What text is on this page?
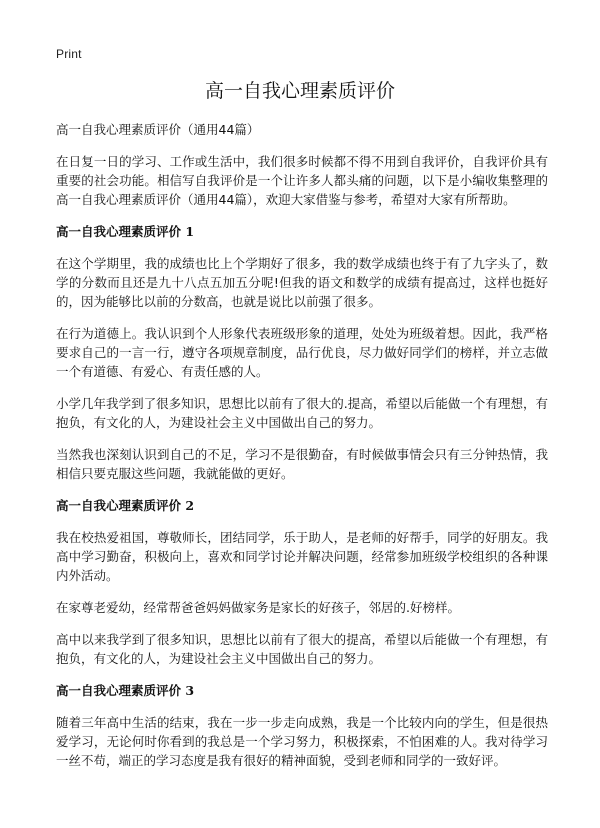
Print
高一自我心理素质评价
高一自我心理素质评价（通用44篇）

在日复一日的学习、工作或生活中，我们很多时候都不得不用到自我评价，自我评价具有重要的社会功能。相信写自我评价是一个让许多人都头痛的问题，以下是小编收集整理的高一自我心理素质评价（通用44篇），欢迎大家借鉴与参考，希望对大家有所帮助。

高一自我心理素质评价 1

在这个学期里，我的成绩也比上个学期好了很多，我的数学成绩也终于有了九字头了，数学的分数而且还是九十八点五加五分呢!但我的语文和数学的成绩有提高过，这样也挺好的，因为能够比以前的分数高，也就是说比以前强了很多。

在行为道德上。我认识到个人形象代表班级形象的道理，处处为班级着想。因此，我严格要求自己的一言一行，遵守各项规章制度，品行优良，尽力做好同学们的榜样，并立志做一个有道德、有爱心、有责任感的人。

小学几年我学到了很多知识，思想比以前有了很大的.提高，希望以后能做一个有理想，有抱负，有文化的人，为建设社会主义中国做出自己的努力。

当然我也深刻认识到自己的不足，学习不是很勤奋，有时候做事情会只有三分钟热情，我相信只要克服这些问题，我就能做的更好。

高一自我心理素质评价 2

我在校热爱祖国，尊敬师长，团结同学，乐于助人，是老师的好帮手，同学的好朋友。我高中学习勤奋，积极向上，喜欢和同学讨论并解决问题，经常参加班级学校组织的各种课内外活动。

在家尊老爱幼，经常帮爸爸妈妈做家务是家长的好孩子，邻居的.好榜样。

高中以来我学到了很多知识，思想比以前有了很大的提高，希望以后能做一个有理想，有抱负，有文化的人，为建设社会主义中国做出自己的努力。

高一自我心理素质评价 3

随着三年高中生活的结束，我在一步一步走向成熟，我是一个比较内向的学生，但是很热爱学习，无论何时你看到的我总是一个学习努力，积极探索，不怕困难的人。我对待学习一丝不苟，端正的学习态度是我有很好的精神面貌，受到老师和同学的一致好评。
